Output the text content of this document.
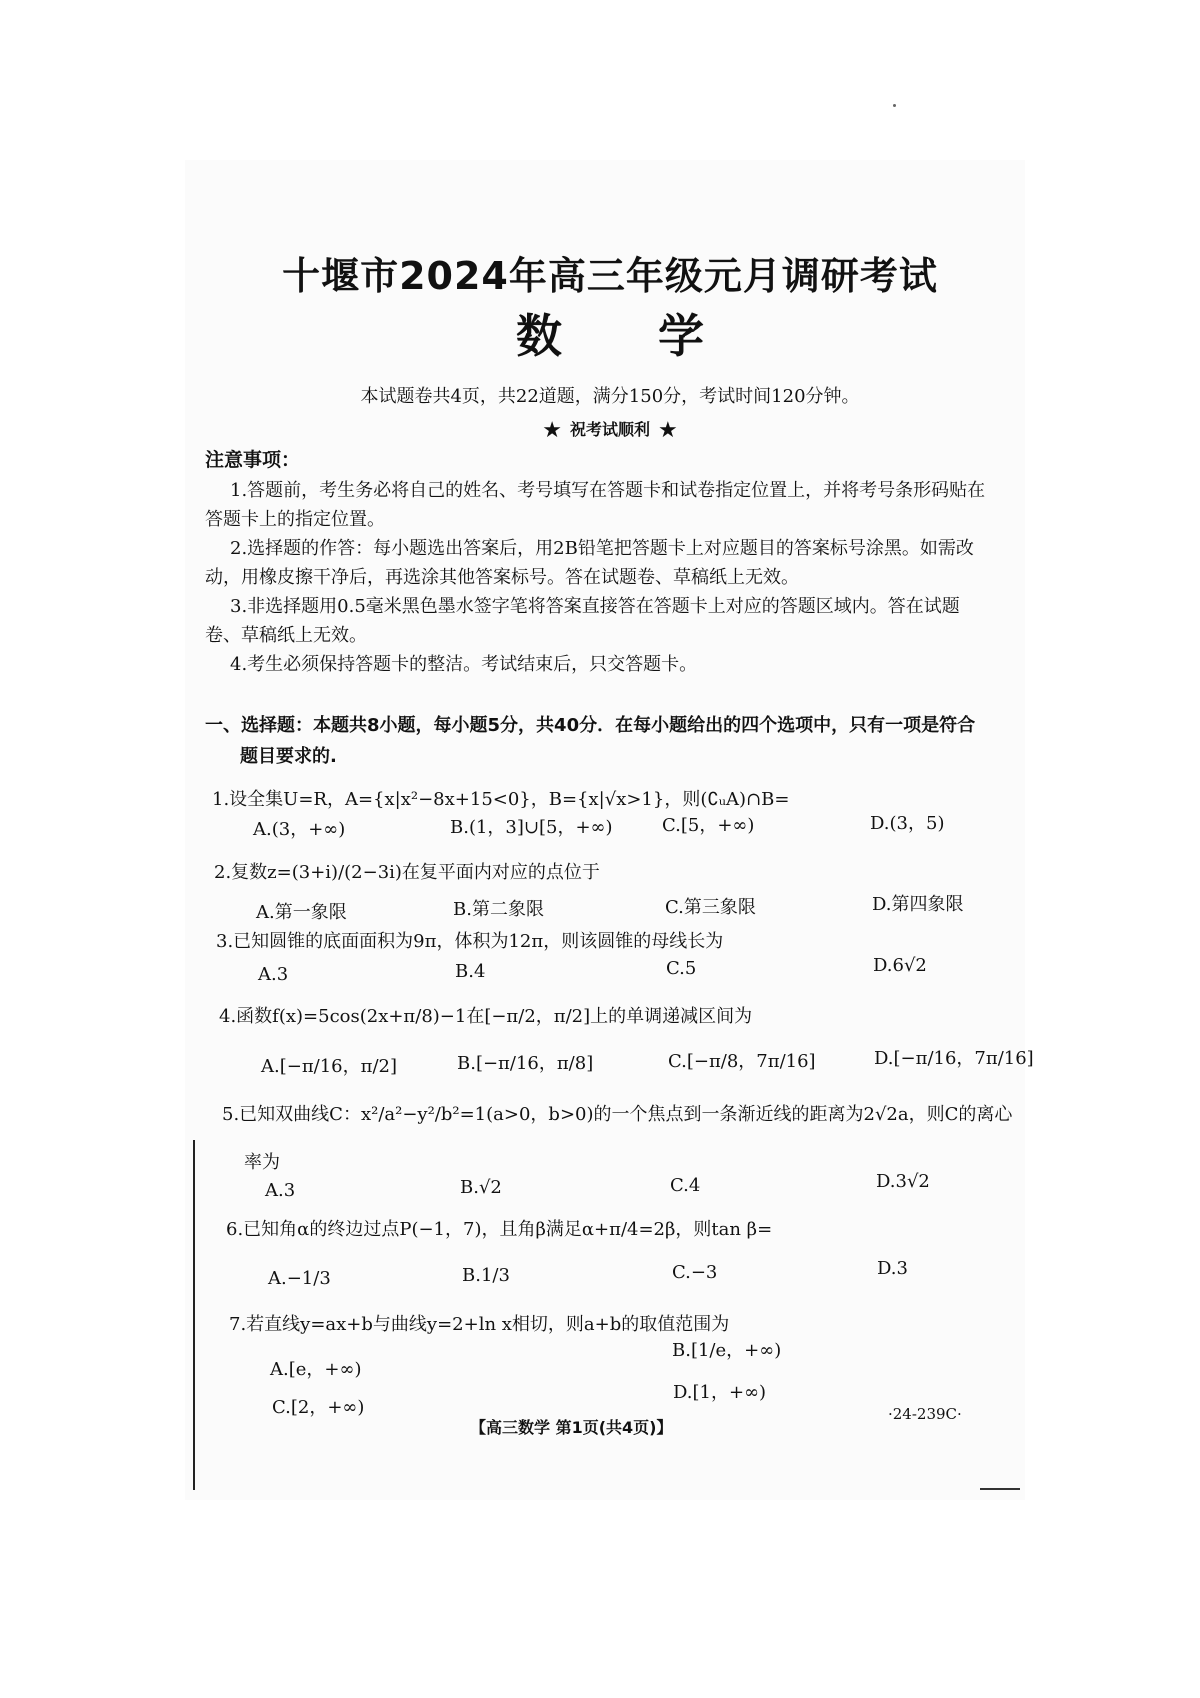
十堰市2024年高三年级元月调研考试
数 学
本试题卷共4页，共22道题，满分150分，考试时间120分钟。
★ 祝考试顺利 ★
注意事项：

1.答题前，考生务必将自己的姓名、考号填写在答题卡和试卷指定位置上，并将考号条形码贴在答题卡上的指定位置。

2.选择题的作答：每小题选出答案后，用2B铅笔把答题卡上对应题目的答案标号涂黑。如需改动，用橡皮擦干净后，再选涂其他答案标号。答在试题卷、草稿纸上无效。

3.非选择题用0.5毫米黑色墨水签字笔将答案直接答在答题卡上对应的答题区域内。答在试题卷、草稿纸上无效。

4.考生必须保持答题卡的整洁。考试结束后，只交答题卡。

一、选择题：本题共8小题，每小题5分，共40分．在每小题给出的四个选项中，只有一项是符合
题目要求的.
1.设全集U=R，A={x|x²−8x+15<0}，B={x|√x>1}，则(∁ᵤA)∩B=
A.(3，+∞)	B.(1，3]∪[5，+∞)	C.[5，+∞)	D.(3，5)
2.复数z=(3+i)/(2−3i)在复平面内对应的点位于
A.第一象限	B.第二象限	C.第三象限	D.第四象限
3.已知圆锥的底面面积为9π，体积为12π，则该圆锥的母线长为
A.3	B.4	C.5	D.6√2
4.函数f(x)=5cos(2x+π/8)−1在[−π/2，π/2]上的单调递减区间为
A.[−π/16，π/2]	B.[−π/16，π/8]	C.[−π/8，7π/16]	D.[−π/16，7π/16]
5.已知双曲线C：x²/a²−y²/b²=1(a>0，b>0)的一个焦点到一条渐近线的距离为2√2a，则C的离心
率为
A.3	B.√2	C.4	D.3√2
6.已知角α的终边过点P(−1，7)，且角β满足α+π/4=2β，则tan β=
A.−1/3	B.1/3	C.−3	D.3
7.若直线y=ax+b与曲线y=2+ln x相切，则a+b的取值范围为
A.[e，+∞)
B.[1/e，+∞)
C.[2，+∞)
D.[1，+∞)
【高三数学 第1页(共4页)】
·24-239C·
